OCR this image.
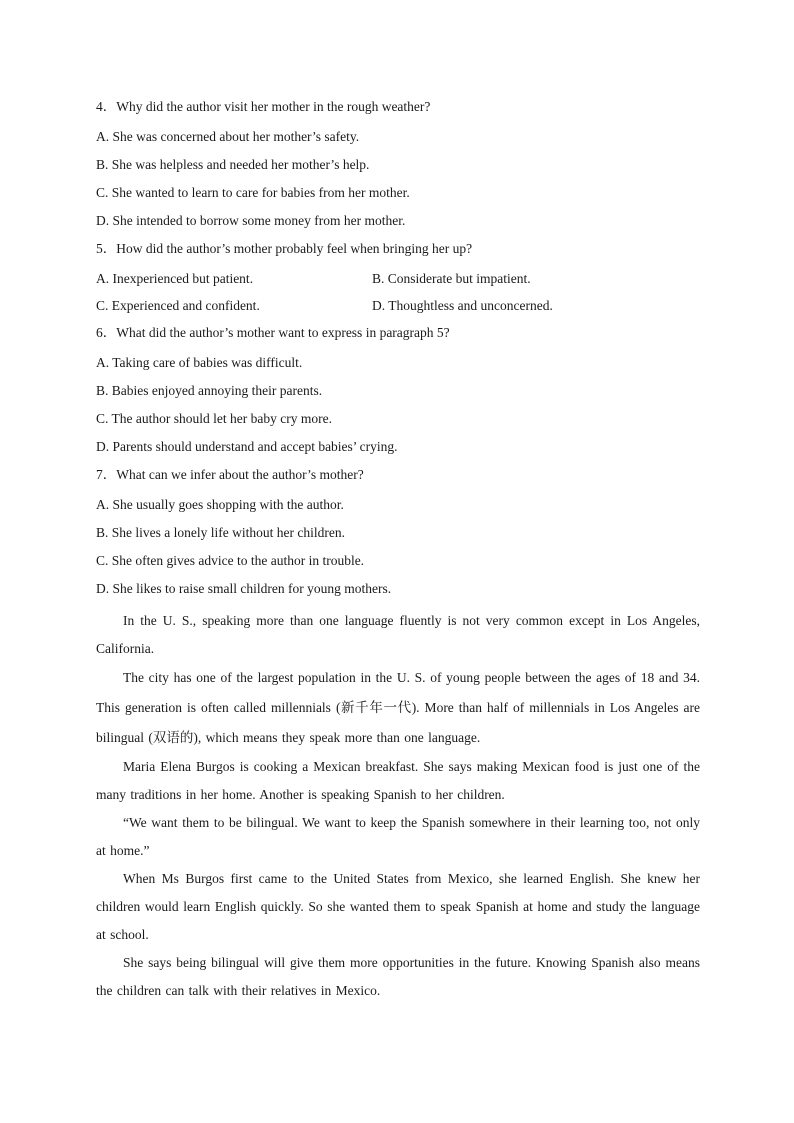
4．Why did the author visit her mother in the rough weather?
A. She was concerned about her mother’s safety.
B. She was helpless and needed her mother’s help.
C. She wanted to learn to care for babies from her mother.
D. She intended to borrow some money from her mother.
5．How did the author’s mother probably feel when bringing her up?
A. Inexperienced but patient.	B. Considerate but impatient.
C. Experienced and confident.	D. Thoughtless and unconcerned.
6．What did the author’s mother want to express in paragraph 5?
A. Taking care of babies was difficult.
B. Babies enjoyed annoying their parents.
C. The author should let her baby cry more.
D. Parents should understand and accept babies’ crying.
7．What can we infer about the author’s mother?
A. She usually goes shopping with the author.
B. She lives a lonely life without her children.
C. She often gives advice to the author in trouble.
D. She likes to raise small children for young mothers.

In the U. S., speaking more than one language fluently is not very common except in Los Angeles, California.

The city has one of the largest population in the U. S. of young people between the ages of 18 and 34. This generation is often called millennials (新千年一代). More than half of millennials in Los Angeles are bilingual (双语的), which means they speak more than one language.

Maria Elena Burgos is cooking a Mexican breakfast. She says making Mexican food is just one of the many traditions in her home. Another is speaking Spanish to her children.

“We want them to be bilingual. We want to keep the Spanish somewhere in their learning too, not only at home.”

When Ms Burgos first came to the United States from Mexico, she learned English. She knew her children would learn English quickly. So she wanted them to speak Spanish at home and study the language at school.

She says being bilingual will give them more opportunities in the future. Knowing Spanish also means the children can talk with their relatives in Mexico.
